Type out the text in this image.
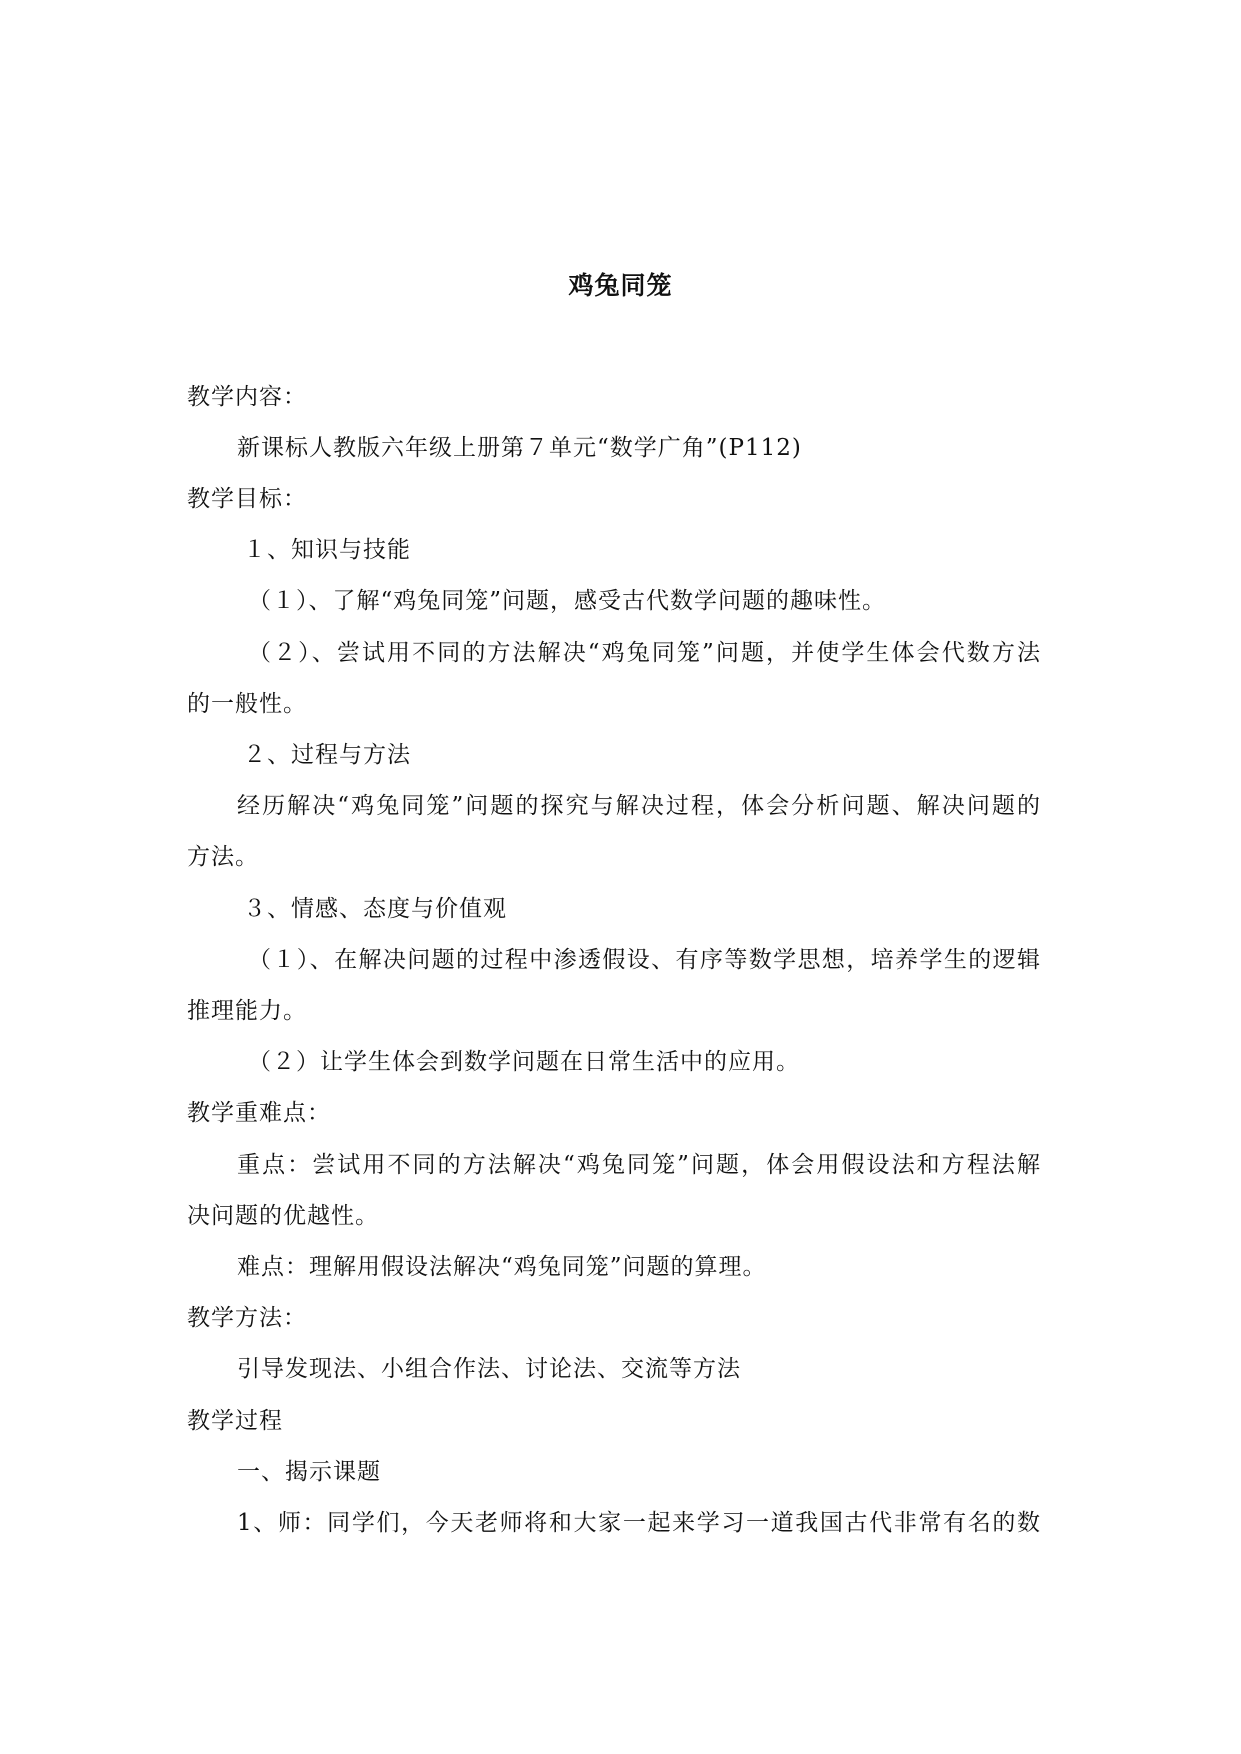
鸡兔同笼
教学内容：
新课标人教版六年级上册第７单元“数学广角”(P112)
教学目标：
１、知识与技能
（１）、了解“鸡兔同笼”问题，感受古代数学问题的趣味性。
（２）、尝试用不同的方法解决“鸡兔同笼”问题，并使学生体会代数方法
的一般性。
２、过程与方法
经历解决“鸡兔同笼”问题的探究与解决过程，体会分析问题、解决问题的
方法。
３、情感、态度与价值观
（１）、在解决问题的过程中渗透假设、有序等数学思想，培养学生的逻辑
推理能力。
（２）让学生体会到数学问题在日常生活中的应用。
教学重难点：
重点：尝试用不同的方法解决“鸡兔同笼”问题，体会用假设法和方程法解
决问题的优越性。
难点：理解用假设法解决“鸡兔同笼”问题的算理。
教学方法：
引导发现法、小组合作法、讨论法、交流等方法
教学过程
一、揭示课题
1、师：同学们，今天老师将和大家一起来学习一道我国古代非常有名的数
